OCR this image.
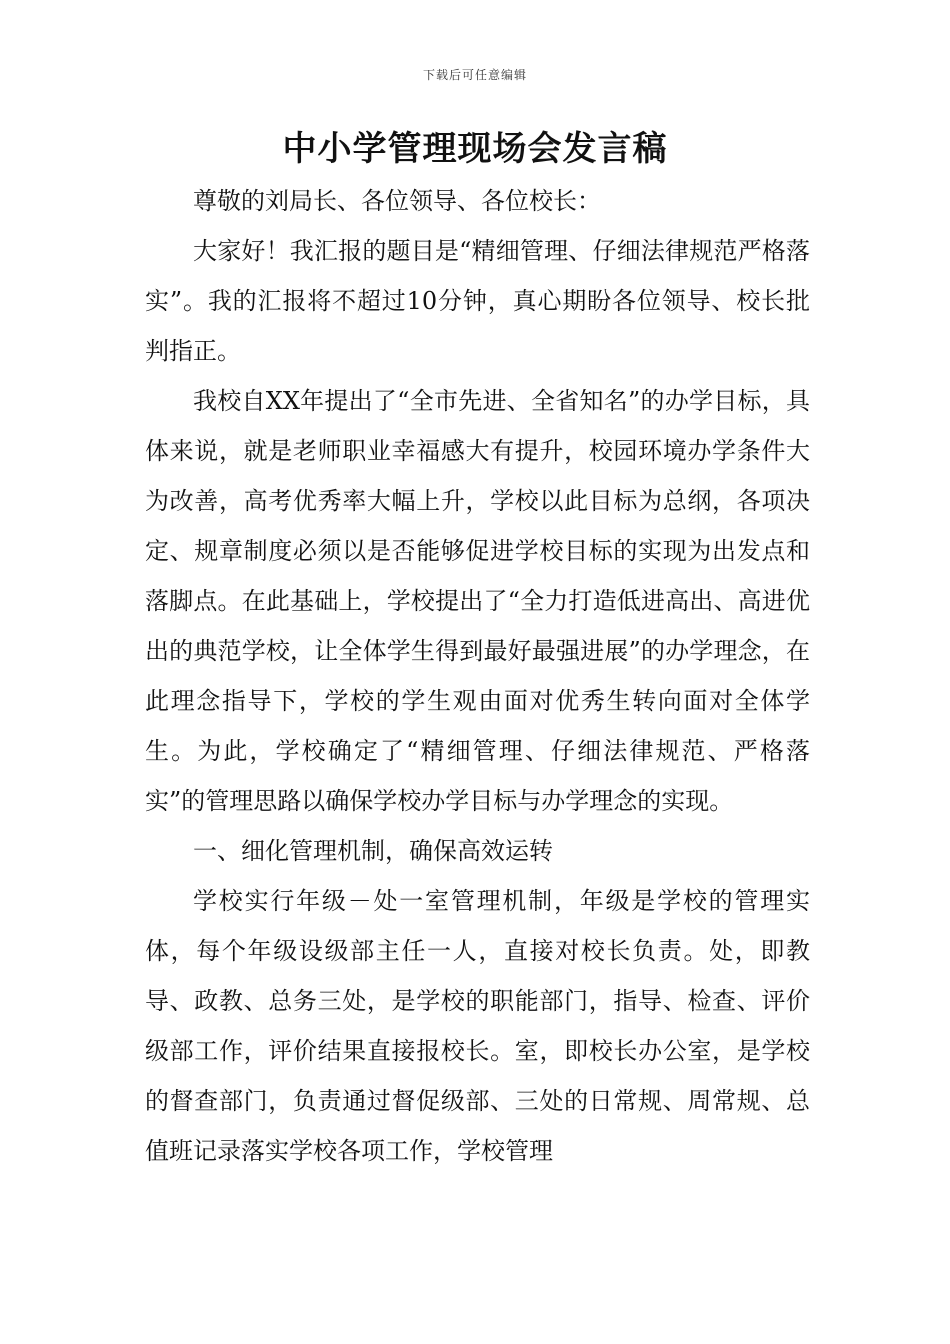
下载后可任意编辑
中小学管理现场会发言稿

尊敬的刘局长、各位领导、各位校长：

大家好！我汇报的题目是“精细管理、仔细法律规范严格落实”。我的汇报将不超过10分钟，真心期盼各位领导、校长批判指正。

我校自XX年提出了“全市先进、全省知名”的办学目标，具体来说，就是老师职业幸福感大有提升，校园环境办学条件大为改善，高考优秀率大幅上升，学校以此目标为总纲，各项决定、规章制度必须以是否能够促进学校目标的实现为出发点和落脚点。在此基础上，学校提出了“全力打造低进高出、高进优出的典范学校，让全体学生得到最好最强进展”的办学理念，在此理念指导下，学校的学生观由面对优秀生转向面对全体学生。为此，学校确定了“精细管理、仔细法律规范、严格落实”的管理思路以确保学校办学目标与办学理念的实现。

一、细化管理机制，确保高效运转

学校实行年级－处一室管理机制，年级是学校的管理实体，每个年级设级部主任一人，直接对校长负责。处，即教导、政教、总务三处，是学校的职能部门，指导、检查、评价级部工作，评价结果直接报校长。室，即校长办公室，是学校的督查部门，负责通过督促级部、三处的日常规、周常规、总值班记录落实学校各项工作，学校管理
